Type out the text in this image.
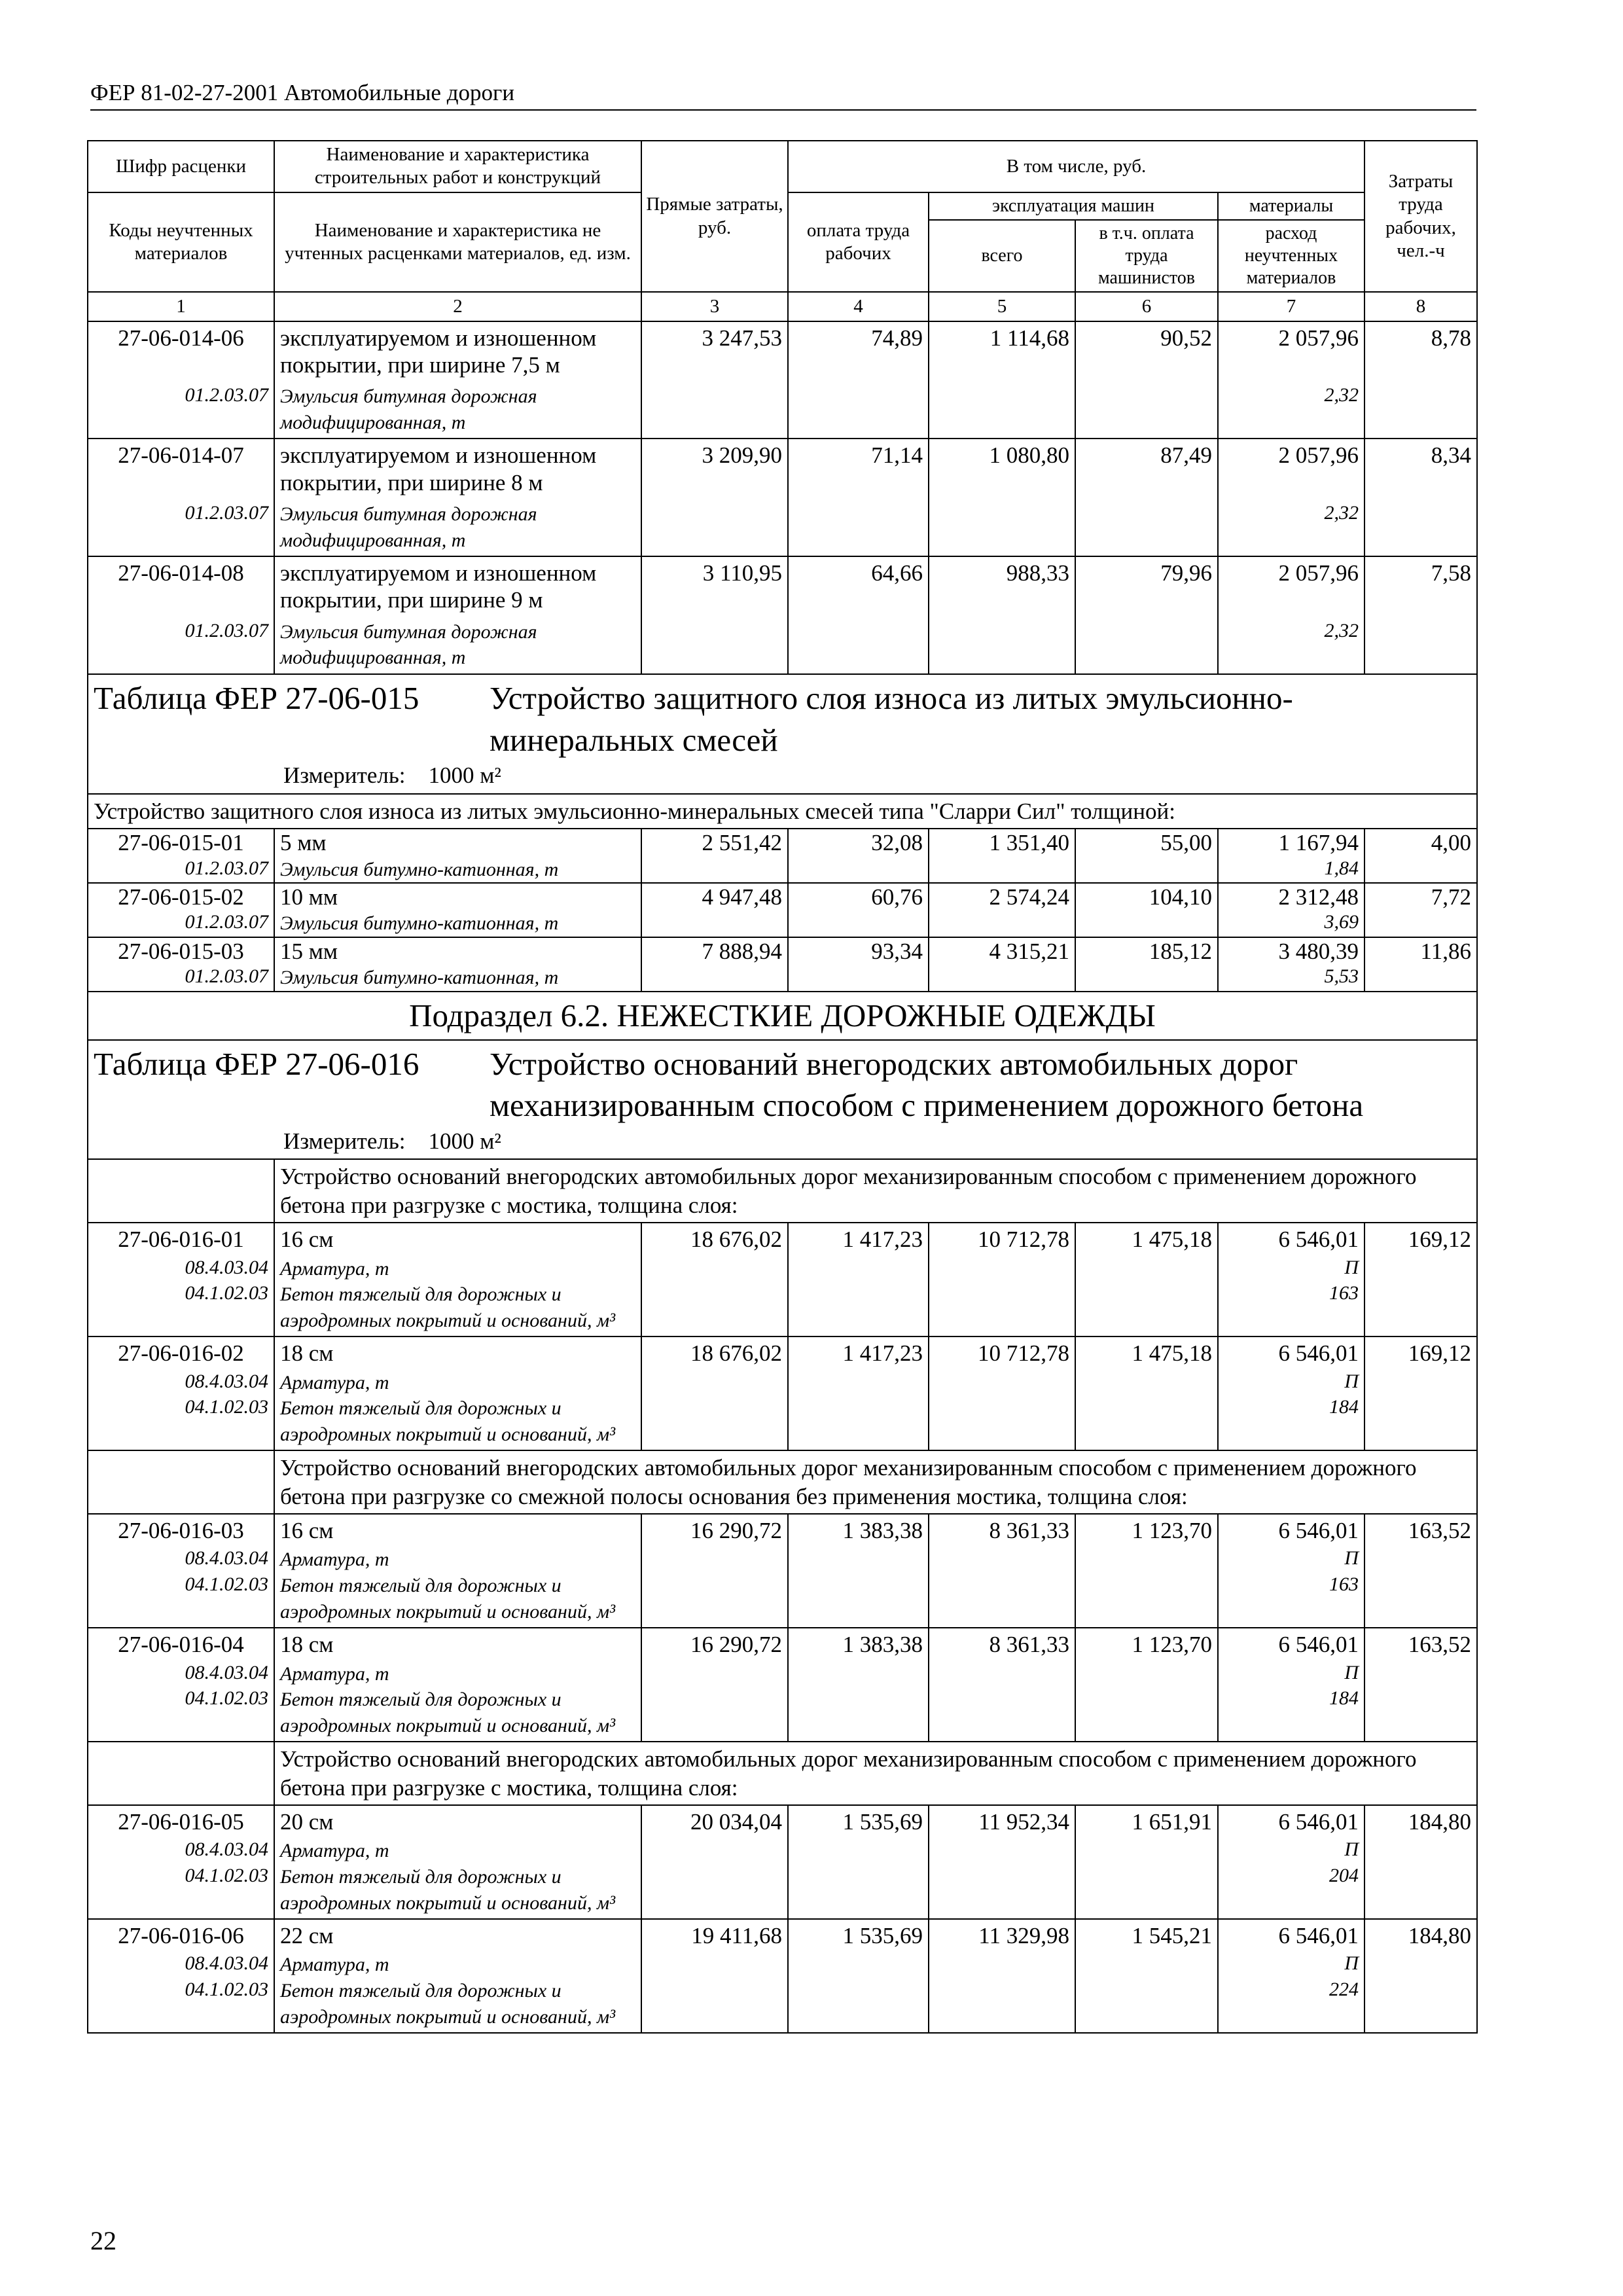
ФЕР 81-02-27-2001 Автомобильные дороги
Шифр расценки	Наименование и характеристика строительных работ и конструкций	Прямые затраты, руб.	В том числе, руб.				Затраты труда рабочих, чел.-ч
Коды неучтенных материалов	Наименование и характеристика не учтенных расценками материалов, ед. изм.		оплата труда рабочих	эксплуатация машин		материалы	
				всего	в т.ч. оплата труда машинистов	расход неучтенных материалов	
1	2	3	4	5	6	7	8
27-06-014-06	эксплуатируемом и изношенном покрытии, при ширине 7,5 м	3 247,53	74,89	1 114,68	90,52	2 057,96	8,78
01.2.03.07	Эмульсия битумная дорожная модифицированная, т					2,32	
27-06-014-07	эксплуатируемом и изношенном покрытии, при ширине 8 м	3 209,90	71,14	1 080,80	87,49	2 057,96	8,34
01.2.03.07	Эмульсия битумная дорожная модифицированная, т					2,32	
27-06-014-08	эксплуатируемом и изношенном покрытии, при ширине 9 м	3 110,95	64,66	988,33	79,96	2 057,96	7,58
01.2.03.07	Эмульсия битумная дорожная модифицированная, т					2,32	
Таблица ФЕР 27-06-015 Устройство защитного слоя износа из литых эмульсионно-минеральных смесей
Измеритель: 1000 м²							

Устройство защитного слоя износа из литых эмульсионно-минеральных смесей типа "Сларри Сил" толщиной:							
27-06-015-01	5 мм	2 551,42	32,08	1 351,40	55,00	1 167,94	4,00
01.2.03.07	Эмульсия битумно-катионная, т					1,84	
27-06-015-02	10 мм	4 947,48	60,76	2 574,24	104,10	2 312,48	7,72
01.2.03.07	Эмульсия битумно-катионная, т					3,69	
27-06-015-03	15 мм	7 888,94	93,34	4 315,21	185,12	3 480,39	11,86
01.2.03.07	Эмульсия битумно-катионная, т					5,53	
Подраздел 6.2. НЕЖЕСТКИЕ ДОРОЖНЫЕ ОДЕЖДЫ							
Таблица ФЕР 27-06-016 Устройство оснований внегородских автомобильных дорог механизированным способом с применением дорожного бетона
Измеритель: 1000 м²							

	Устройство оснований внегородских автомобильных дорог механизированным способом с применением дорожного бетона при разгрузке с мостика, толщина слоя:						
27-06-016-01	16 см	18 676,02	1 417,23	10 712,78	1 475,18	6 546,01	169,12
08.4.03.04	Арматура, т					П	
04.1.02.03	Бетон тяжелый для дорожных и аэродромных покрытий и оснований, м³					163	
27-06-016-02	18 см	18 676,02	1 417,23	10 712,78	1 475,18	6 546,01	169,12
08.4.03.04	Арматура, т					П	
04.1.02.03	Бетон тяжелый для дорожных и аэродромных покрытий и оснований, м³					184	
	Устройство оснований внегородских автомобильных дорог механизированным способом с применением дорожного бетона при разгрузке со смежной полосы основания без применения мостика, толщина слоя:						
27-06-016-03	16 см	16 290,72	1 383,38	8 361,33	1 123,70	6 546,01	163,52
08.4.03.04	Арматура, т					П	
04.1.02.03	Бетон тяжелый для дорожных и аэродромных покрытий и оснований, м³					163	
27-06-016-04	18 см	16 290,72	1 383,38	8 361,33	1 123,70	6 546,01	163,52
08.4.03.04	Арматура, т					П	
04.1.02.03	Бетон тяжелый для дорожных и аэродромных покрытий и оснований, м³					184	
	Устройство оснований внегородских автомобильных дорог механизированным способом с применением дорожного бетона при разгрузке с мостика, толщина слоя:						
27-06-016-05	20 см	20 034,04	1 535,69	11 952,34	1 651,91	6 546,01	184,80
08.4.03.04	Арматура, т					П	
04.1.02.03	Бетон тяжелый для дорожных и аэродромных покрытий и оснований, м³					204	
27-06-016-06	22 см	19 411,68	1 535,69	11 329,98	1 545,21	6 546,01	184,80
08.4.03.04	Арматура, т					П	
04.1.02.03	Бетон тяжелый для дорожных и аэродромных покрытий и оснований, м³					224	
22
